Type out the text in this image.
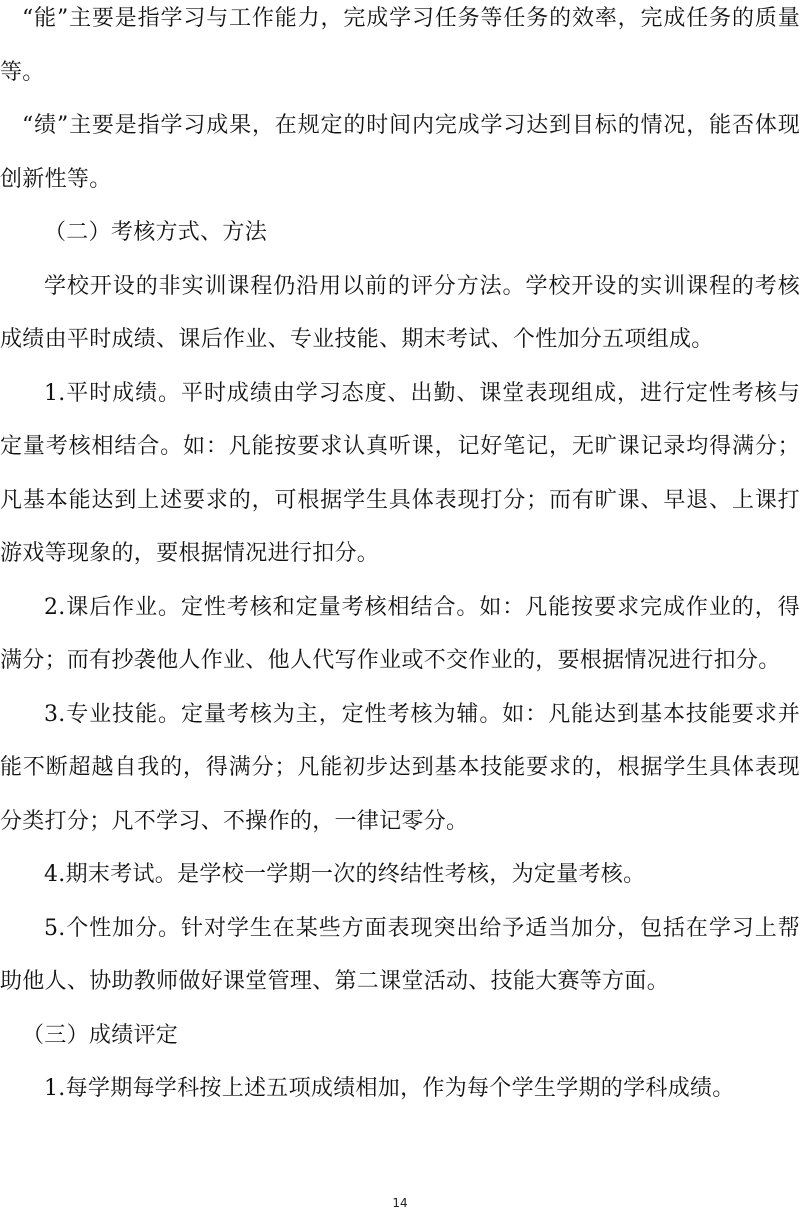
“能”主要是指学习与工作能力，完成学习任务等任务的效率，完成任务的质量等。

“绩”主要是指学习成果，在规定的时间内完成学习达到目标的情况，能否体现创新性等。

（二）考核方式、方法

学校开设的非实训课程仍沿用以前的评分方法。学校开设的实训课程的考核成绩由平时成绩、课后作业、专业技能、期末考试、个性加分五项组成。

1.平时成绩。平时成绩由学习态度、出勤、课堂表现组成，进行定性考核与定量考核相结合。如：凡能按要求认真听课，记好笔记，无旷课记录均得满分；凡基本能达到上述要求的，可根据学生具体表现打分；而有旷课、早退、上课打游戏等现象的，要根据情况进行扣分。

2.课后作业。定性考核和定量考核相结合。如：凡能按要求完成作业的，得满分；而有抄袭他人作业、他人代写作业或不交作业的，要根据情况进行扣分。

3.专业技能。定量考核为主，定性考核为辅。如：凡能达到基本技能要求并能不断超越自我的，得满分；凡能初步达到基本技能要求的，根据学生具体表现分类打分；凡不学习、不操作的，一律记零分。

4.期末考试。是学校一学期一次的终结性考核，为定量考核。

5.个性加分。针对学生在某些方面表现突出给予适当加分，包括在学习上帮助他人、协助教师做好课堂管理、第二课堂活动、技能大赛等方面。

（三）成绩评定

1.每学期每学科按上述五项成绩相加，作为每个学生学期的学科成绩。

14
